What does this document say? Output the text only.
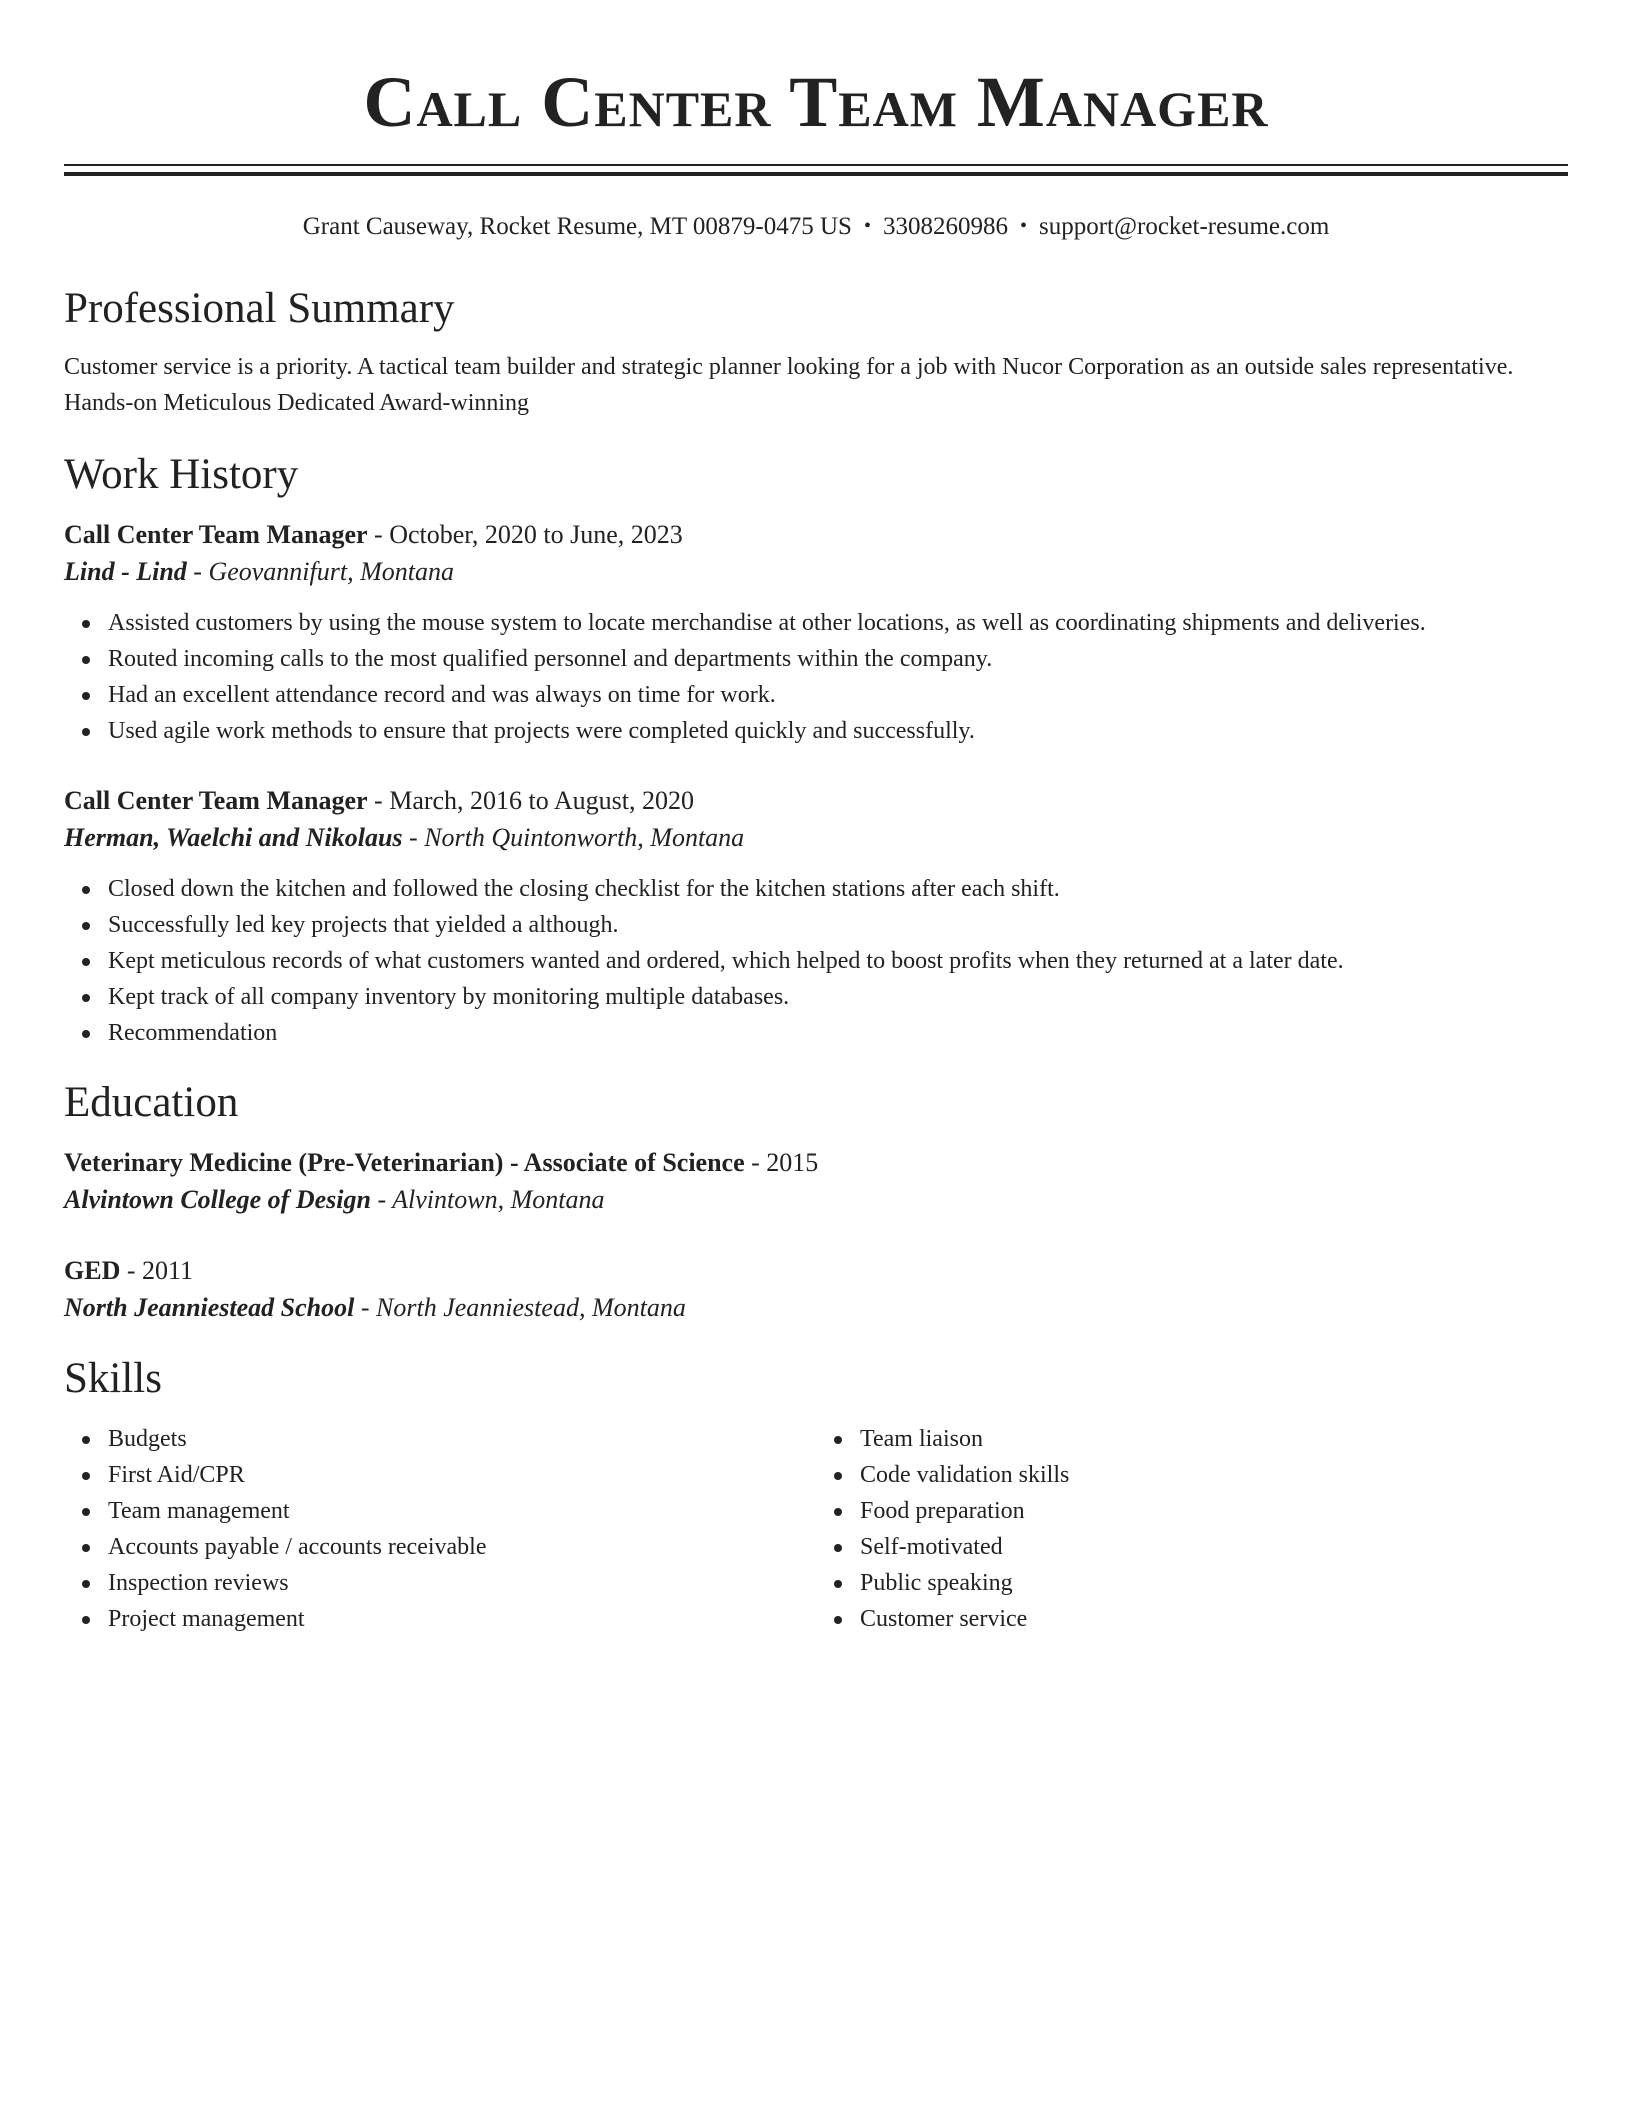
Call Center Team Manager
Grant Causeway, Rocket Resume, MT 00879-0475 US • 3308260986 • support@rocket-resume.com
Professional Summary
Customer service is a priority. A tactical team builder and strategic planner looking for a job with Nucor Corporation as an outside sales representative. Hands-on Meticulous Dedicated Award-winning
Work History
Call Center Team Manager - October, 2020 to June, 2023
Lind - Lind - Geovannifurt, Montana
Assisted customers by using the mouse system to locate merchandise at other locations, as well as coordinating shipments and deliveries.
Routed incoming calls to the most qualified personnel and departments within the company.
Had an excellent attendance record and was always on time for work.
Used agile work methods to ensure that projects were completed quickly and successfully.
Call Center Team Manager - March, 2016 to August, 2020
Herman, Waelchi and Nikolaus - North Quintonworth, Montana
Closed down the kitchen and followed the closing checklist for the kitchen stations after each shift.
Successfully led key projects that yielded a although.
Kept meticulous records of what customers wanted and ordered, which helped to boost profits when they returned at a later date.
Kept track of all company inventory by monitoring multiple databases.
Recommendation
Education
Veterinary Medicine (Pre-Veterinarian) - Associate of Science - 2015
Alvintown College of Design - Alvintown, Montana
GED - 2011
North Jeanniestead School - North Jeanniestead, Montana
Skills
Budgets
First Aid/CPR
Team management
Accounts payable / accounts receivable
Inspection reviews
Project management
Team liaison
Code validation skills
Food preparation
Self-motivated
Public speaking
Customer service
